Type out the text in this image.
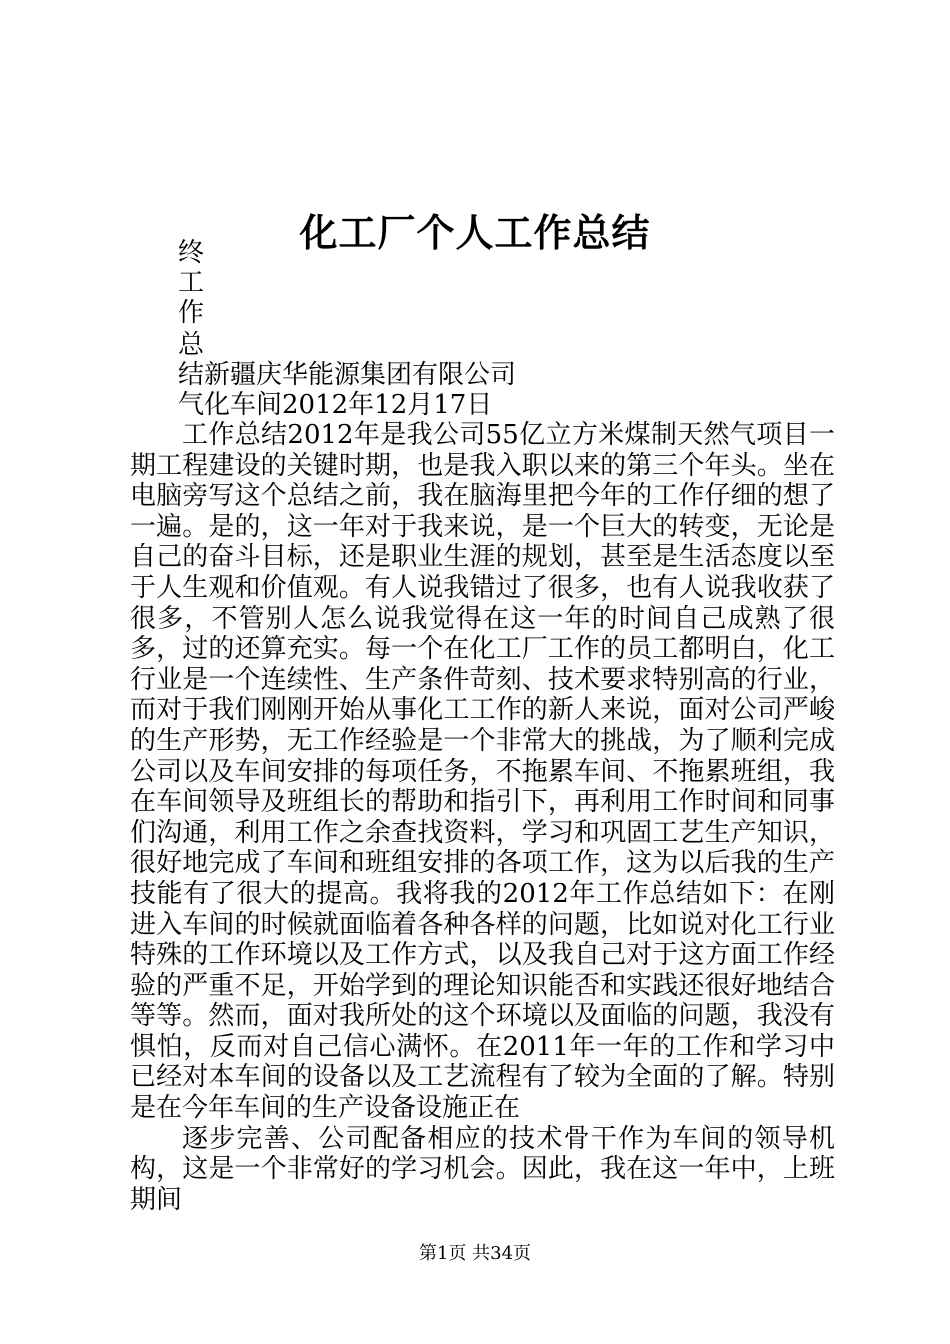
化工厂个人工作总结
终
工
作
总
结新疆庆华能源集团有限公司
气化车间2012年12月17日

工作总结2012年是我公司55亿立方米煤制天然气项目一期工程建设的关键时期，也是我入职以来的第三个年头。坐在电脑旁写这个总结之前，我在脑海里把今年的工作仔细的想了一遍。是的，这一年对于我来说，是一个巨大的转变，无论是自己的奋斗目标，还是职业生涯的规划，甚至是生活态度以至于人生观和价值观。有人说我错过了很多，也有人说我收获了很多，不管别人怎么说我觉得在这一年的时间自己成熟了很多，过的还算充实。每一个在化工厂工作的员工都明白，化工行业是一个连续性、生产条件苛刻、技术要求特别高的行业，而对于我们刚刚开始从事化工工作的新人来说，面对公司严峻的生产形势，无工作经验是一个非常大的挑战，为了顺利完成公司以及车间安排的每项任务，不拖累车间、不拖累班组，我在车间领导及班组长的帮助和指引下，再利用工作时间和同事们沟通，利用工作之余查找资料，学习和巩固工艺生产知识，很好地完成了车间和班组安排的各项工作，这为以后我的生产技能有了很大的提高。我将我的2012年工作总结如下：在刚进入车间的时候就面临着各种各样的问题，比如说对化工行业特殊的工作环境以及工作方式，以及我自己对于这方面工作经验的严重不足，开始学到的理论知识能否和实践还很好地结合等等。然而，面对我所处的这个环境以及面临的问题，我没有惧怕，反而对自己信心满怀。在2011年一年的工作和学习中已经对本车间的设备以及工艺流程有了较为全面的了解。特别是在今年车间的生产设备设施正在

逐步完善、公司配备相应的技术骨干作为车间的领导机构，这是一个非常好的学习机会。因此，我在这一年中，上班期间

第1页 共34页
